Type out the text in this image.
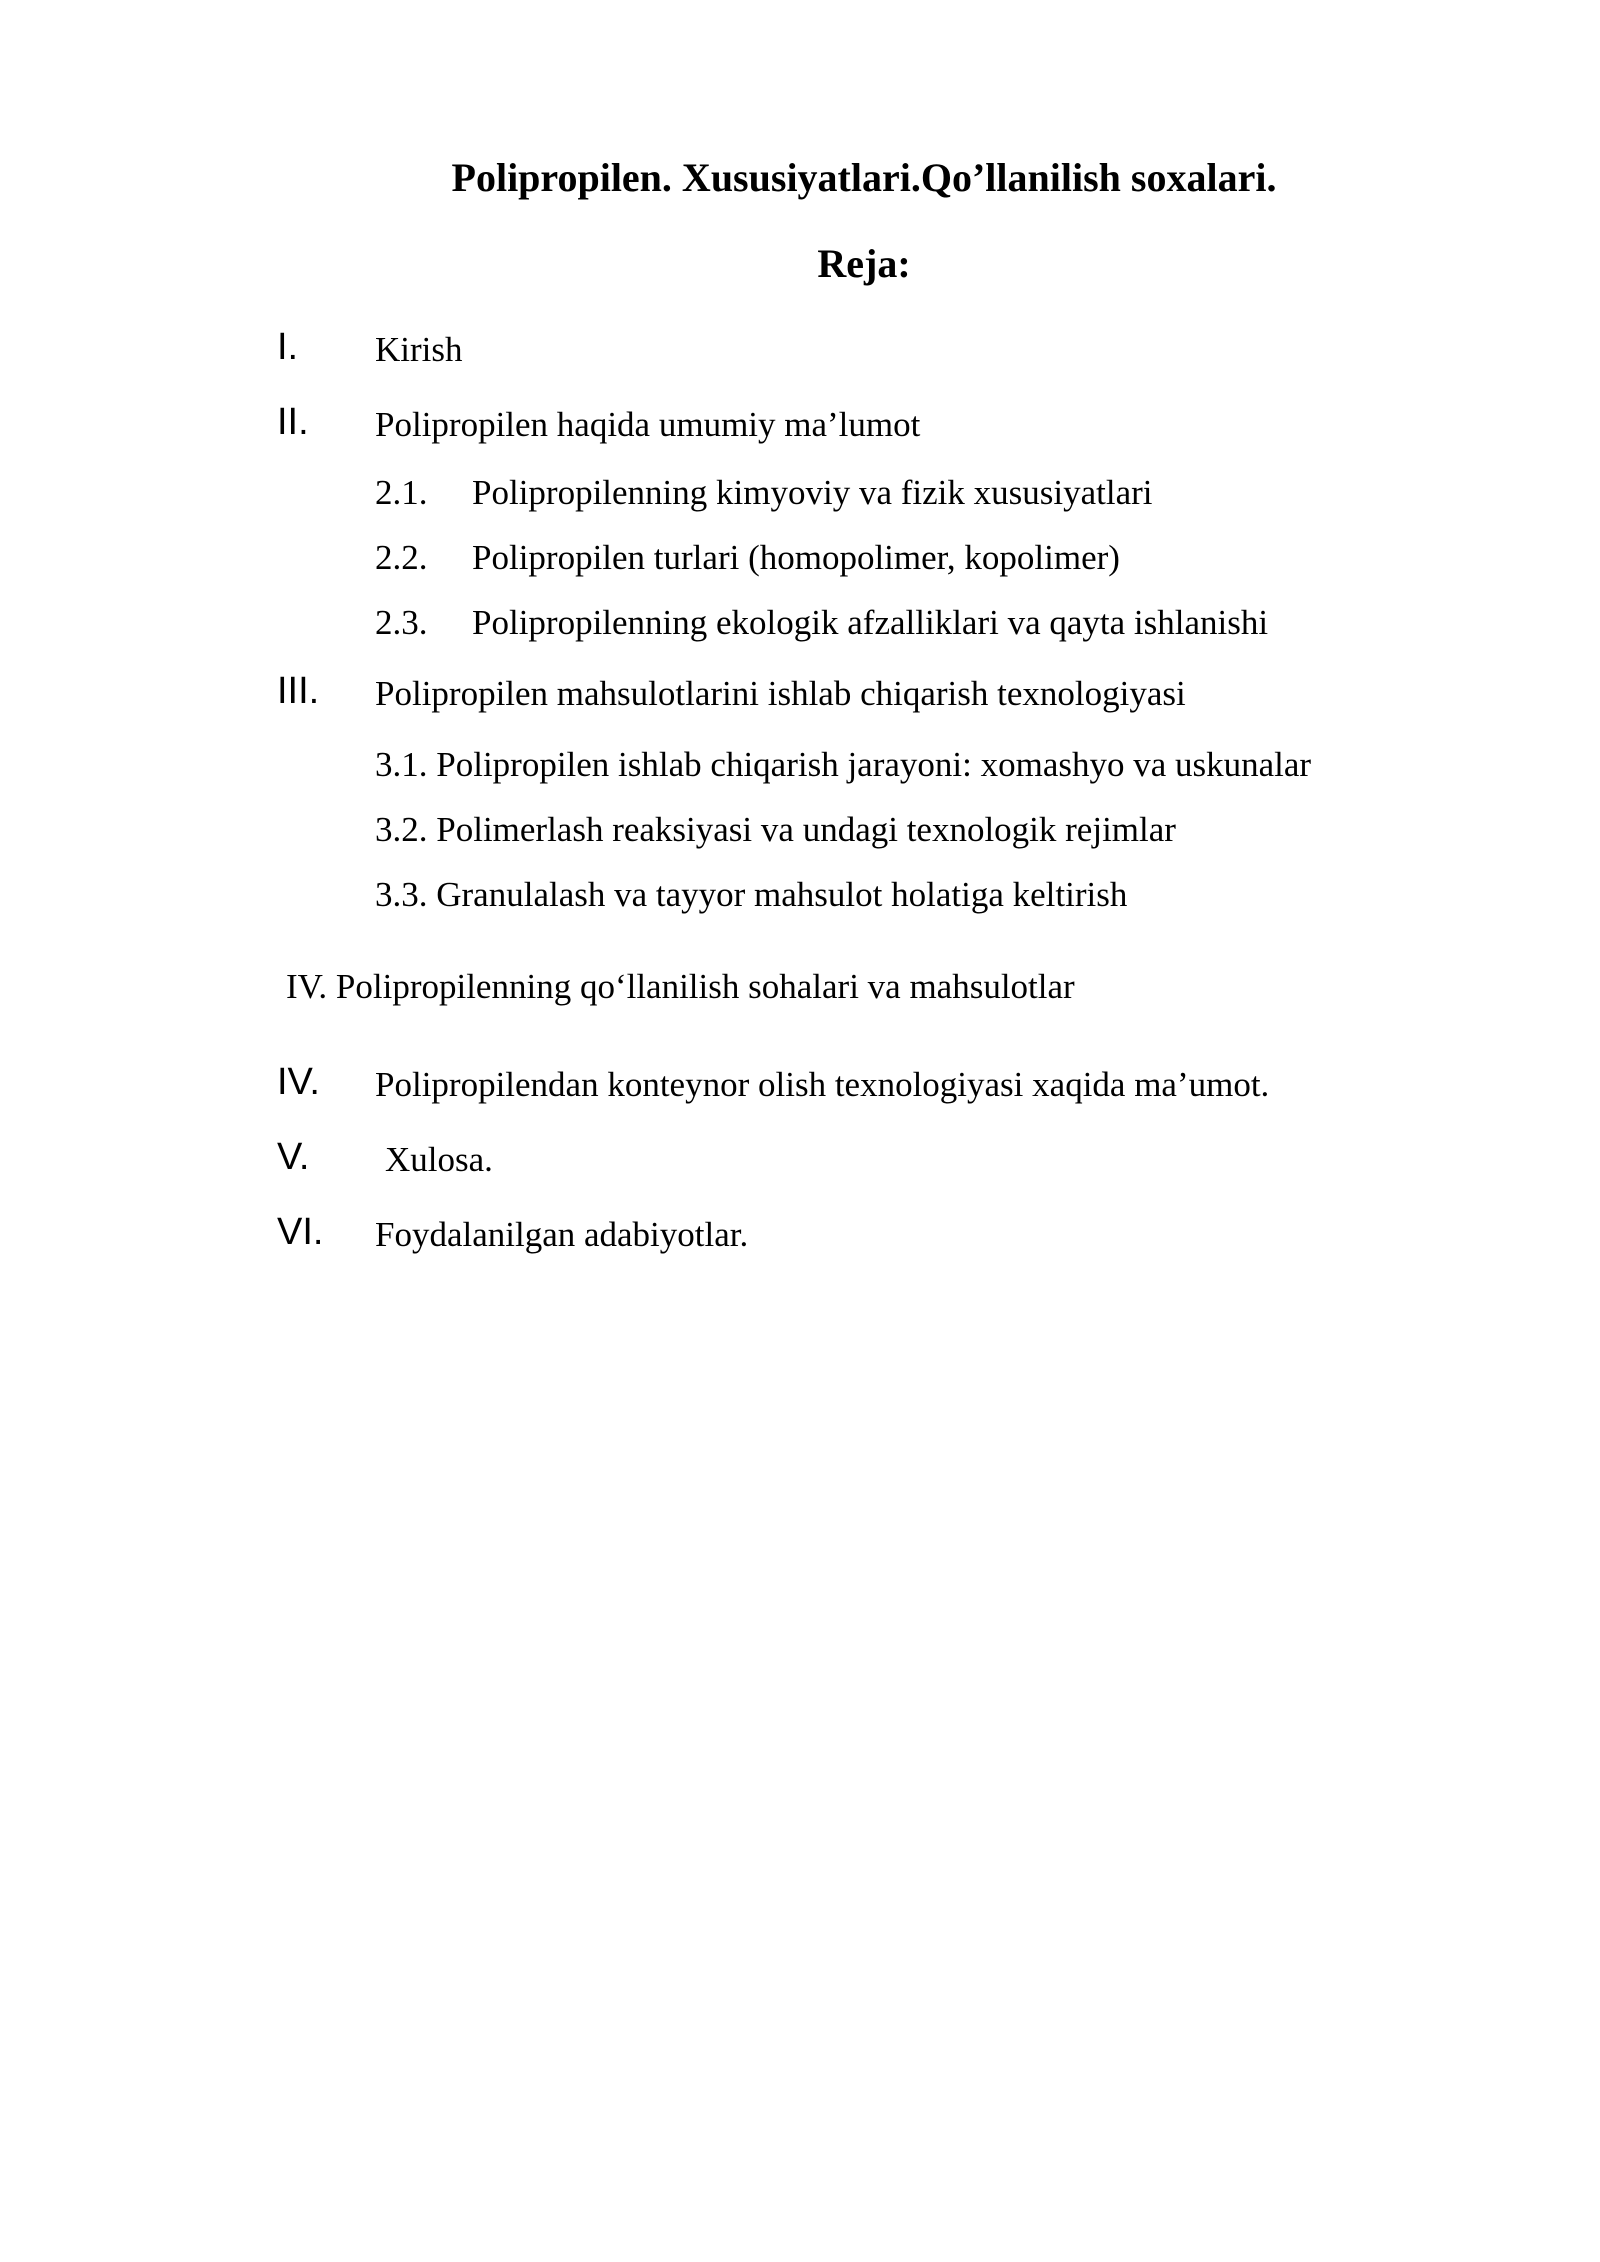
Polipropilen. Xususiyatlari.Qo’llanilish soxalari.
Reja:
I. Kirish
II. Polipropilen haqida umumiy ma’lumot
2.1. Polipropilenning kimyoviy va fizik xususiyatlari
2.2. Polipropilen turlari (homopolimer, kopolimer)
2.3. Polipropilenning ekologik afzalliklari va qayta ishlanishi
III. Polipropilen mahsulotlarini ishlab chiqarish texnologiyasi
3.1. Polipropilen ishlab chiqarish jarayoni: xomashyo va uskunalar
3.2. Polimerlash reaksiyasi va undagi texnologik rejimlar
3.3. Granulalash va tayyor mahsulot holatiga keltirish
IV. Polipropilenning qo‘llanilish sohalari va mahsulotlar
IV. Polipropilendan konteynor olish texnologiyasi xaqida ma’umot.
V. Xulosa.
VI. Foydalanilgan adabiyotlar.
